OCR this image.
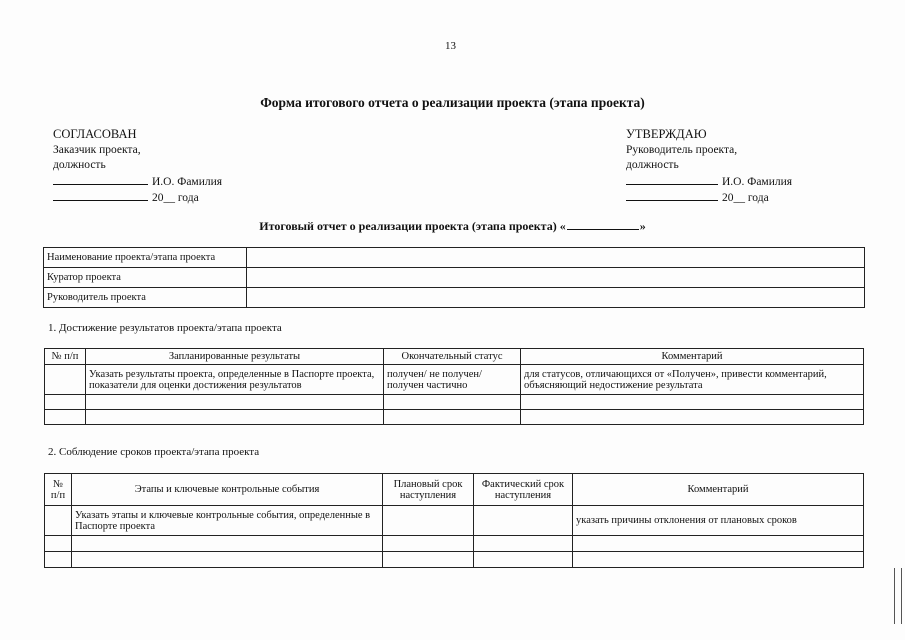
13
Форма итогового отчета о реализации проекта (этапа проекта)
СОГЛАСОВАН
Заказчик проекта,
должность
И.О. Фамилия
20__ года
УТВЕРЖДАЮ
Руководитель проекта,
должность
И.О. Фамилия
20__ года
Итоговый отчет о реализации проекта (этапа проекта) «	»
Наименование проекта/этапа проекта	
Куратор проекта	
Руководитель проекта	
1. Достижение результатов проекта/этапа проекта
№ п/п	Запланированные результаты	Окончательный статус	Комментарий
	Указать результаты проекта, определенные в Паспорте проекта, показатели для оценки достижения результатов	получен/ не получен/ получен частично	для статусов, отличающихся от «Получен», привести комментарий, объясняющий недостижение результата

2. Соблюдение сроков проекта/этапа проекта
№ п/п	Этапы и ключевые контрольные события	Плановый срок наступления	Фактический срок наступления	Комментарий
	Указать этапы и ключевые контрольные события, определенные в Паспорте проекта			указать причины отклонения от плановых сроков
